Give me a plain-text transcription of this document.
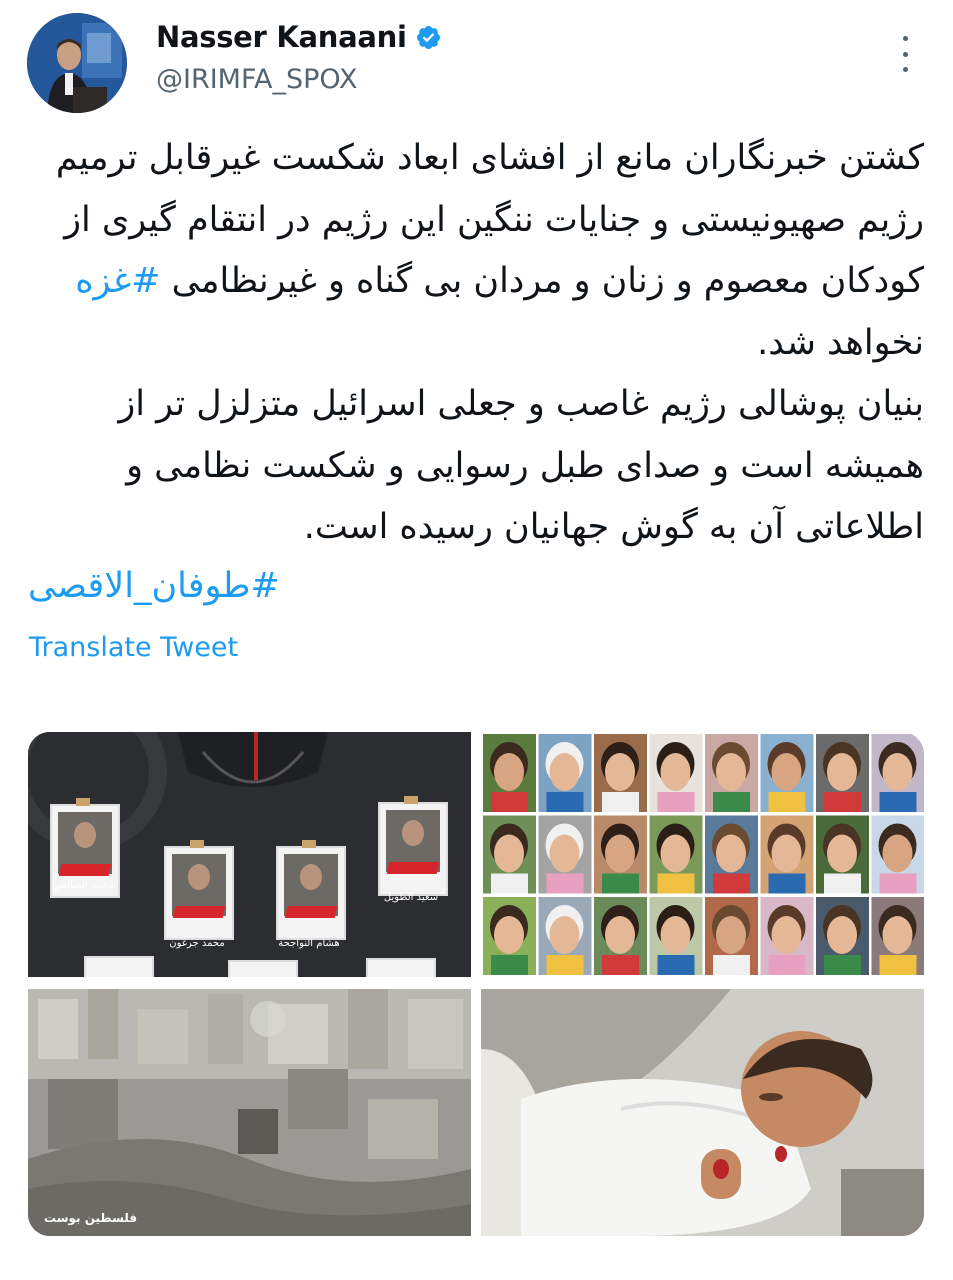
Nasser Kanaani
@IRIMFA_SPOX

کشتن خبرنگاران مانع از افشای ابعاد شکست غیرقابل ترمیم رژیم صهیونیستی و جنایات ننگین این رژیم در انتقام گیری از کودکان معصوم و زنان و مردان بی گناه و غیرنظامی #غزه نخواهد شد.

بنیان پوشالی رژیم غاصب و جعلی اسرائیل متزلزل تر از همیشه است و صدای طبل رسوایی و شکست نظامی و اطلاعاتی آن به گوش جهانیان رسیده است.

#طوفان_الاقصی
Translate Tweet
محمد الصالحي
محمد جرغون	هشام النواجحة
سعيد الطويل
فلسطين بوست
